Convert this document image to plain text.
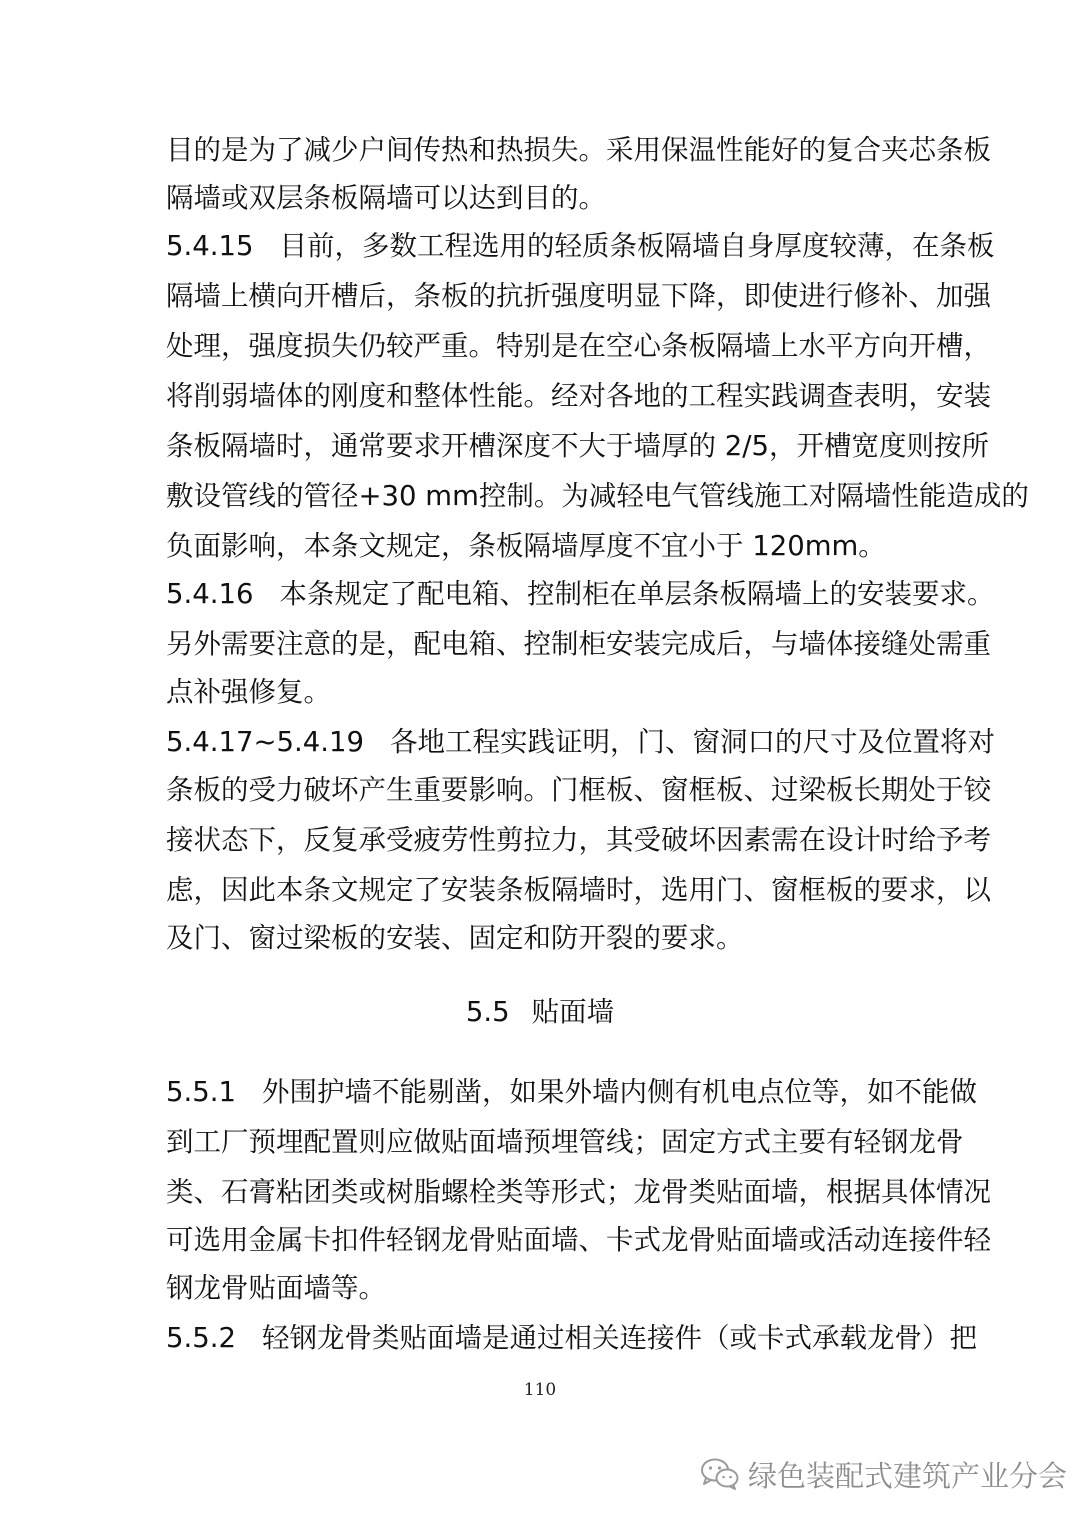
目的是为了减少户间传热和热损失。采用保温性能好的复合夹芯条板
隔墙或双层条板隔墙可以达到目的。
5.4.15 目前，多数工程选用的轻质条板隔墙自身厚度较薄，在条板
隔墙上横向开槽后，条板的抗折强度明显下降，即使进行修补、加强
处理，强度损失仍较严重。特别是在空心条板隔墙上水平方向开槽，
将削弱墙体的刚度和整体性能。经对各地的工程实践调查表明，安装
条板隔墙时，通常要求开槽深度不大于墙厚的 2/5，开槽宽度则按所
敷设管线的管径+30 mm控制。为减轻电气管线施工对隔墙性能造成的
负面影响，本条文规定，条板隔墙厚度不宜小于 120mm。
5.4.16 本条规定了配电箱、控制柜在单层条板隔墙上的安装要求。
另外需要注意的是，配电箱、控制柜安装完成后，与墙体接缝处需重
点补强修复。
5.4.17~5.4.19 各地工程实践证明，门、窗洞口的尺寸及位置将对
条板的受力破坏产生重要影响。门框板、窗框板、过梁板长期处于铰
接状态下，反复承受疲劳性剪拉力，其受破坏因素需在设计时给予考
虑，因此本条文规定了安装条板隔墙时，选用门、窗框板的要求，以
及门、窗过梁板的安装、固定和防开裂的要求。
5.5 贴面墙
5.5.1 外围护墙不能剔凿，如果外墙内侧有机电点位等，如不能做
到工厂预埋配置则应做贴面墙预埋管线；固定方式主要有轻钢龙骨
类、石膏粘团类或树脂螺栓类等形式；龙骨类贴面墙，根据具体情况
可选用金属卡扣件轻钢龙骨贴面墙、卡式龙骨贴面墙或活动连接件轻
钢龙骨贴面墙等。
5.5.2 轻钢龙骨类贴面墙是通过相关连接件（或卡式承载龙骨）把
110
绿色装配式建筑产业分会
